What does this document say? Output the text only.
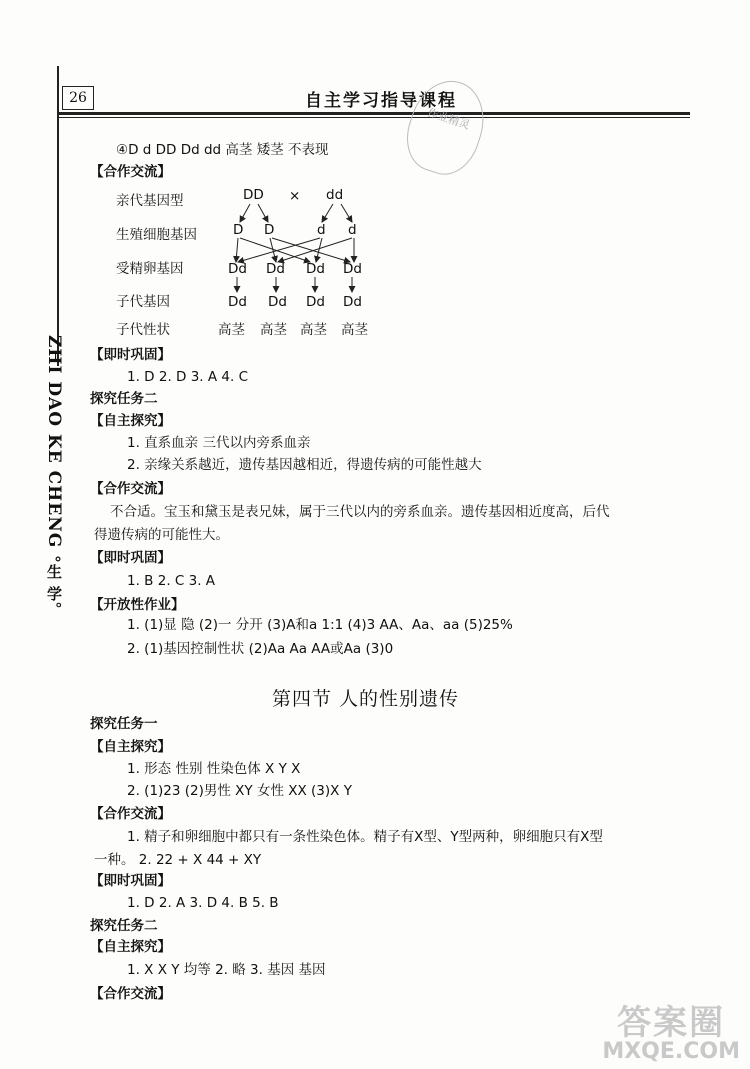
26	自主学习指导课程
作业精灵
ZHI DAO KE CHENG °生 学。
④D d DD Dd dd 高茎 矮茎 不表现
【合作交流】
亲代基因型
生殖细胞基因
受精卵基因
子代基因
子代性状
DD × dd
D D	d d
Dd Dd Dd Dd
Dd Dd Dd Dd
高茎 高茎 高茎 高茎
【即时巩固】
1. D 2. D 3. A 4. C
探究任务二
【自主探究】
1. 直系血亲 三代以内旁系血亲
2. 亲缘关系越近，遗传基因越相近，得遗传病的可能性越大
【合作交流】
不合适。宝玉和黛玉是表兄妹，属于三代以内的旁系血亲。遗传基因相近度高，后代
得遗传病的可能性大。
【即时巩固】
1. B 2. C 3. A
【开放性作业】
1. (1)显 隐 (2)一 分开 (3)A和a 1:1 (4)3 AA、Aa、aa (5)25%
2. (1)基因控制性状 (2)Aa Aa AA或Aa (3)0
第四节 人的性别遗传
探究任务一
【自主探究】
1. 形态 性别 性染色体 X Y X
2. (1)23 (2)男性 XY 女性 XX (3)X Y
【合作交流】
1. 精子和卵细胞中都只有一条性染色体。精子有X型、Y型两种，卵细胞只有X型
一种。 2. 22 + X 44 + XY
【即时巩固】
1. D 2. A 3. D 4. B 5. B
探究任务二
【自主探究】
1. X X Y 均等 2. 略 3. 基因 基因
【合作交流】
答案圈
MXQE.COM
